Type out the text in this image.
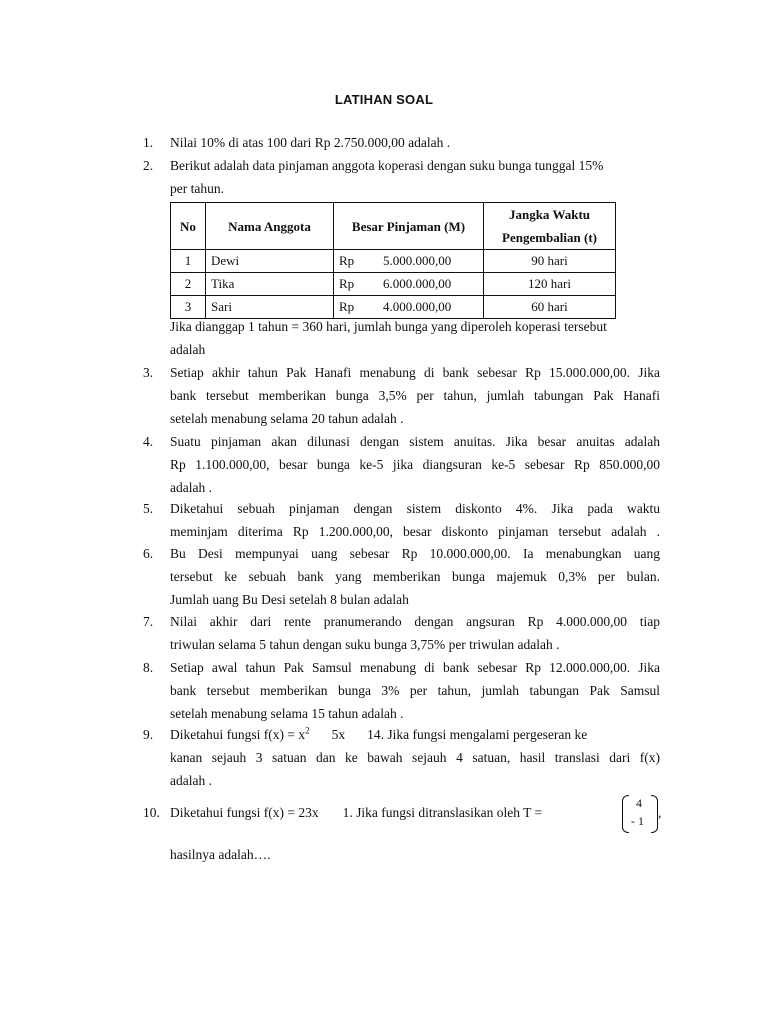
LATIHAN SOAL
1. Nilai 10% di atas 100 dari Rp 2.750.000,00 adalah .
2. Berikut adalah data pinjaman anggota koperasi dengan suku bunga tunggal 15%
per tahun.
No	Nama Anggota	Besar Pinjaman (M)	Jangka Waktu
Pengembalian (t)
1	Dewi	Rp 5.000.000,00	90 hari
2	Tika	Rp 6.000.000,00	120 hari
3	Sari	Rp 4.000.000,00	60 hari
Jika dianggap 1 tahun = 360 hari, jumlah bunga yang diperoleh koperasi tersebut
adalah
3. Setiap akhir tahun Pak Hanafi menabung di bank sebesar Rp 15.000.000,00. Jika
bank tersebut memberikan bunga 3,5% per tahun, jumlah tabungan Pak Hanafi
setelah menabung selama 20 tahun adalah .
4. Suatu pinjaman akan dilunasi dengan sistem anuitas. Jika besar anuitas adalah
Rp 1.100.000,00, besar bunga ke-5 jika diangsuran ke-5 sebesar Rp 850.000,00
adalah .
5. Diketahui sebuah pinjaman dengan sistem diskonto 4%. Jika pada waktu
meminjam diterima Rp 1.200.000,00, besar diskonto pinjaman tersebut adalah .
6. Bu Desi mempunyai uang sebesar Rp 10.000.000,00. Ia menabungkan uang
tersebut ke sebuah bank yang memberikan bunga majemuk 0,3% per bulan.
Jumlah uang Bu Desi setelah 8 bulan adalah
7. Nilai akhir dari rente pranumerando dengan angsuran Rp 4.000.000,00 tiap
triwulan selama 5 tahun dengan suku bunga 3,75% per triwulan adalah .
8. Setiap awal tahun Pak Samsul menabung di bank sebesar Rp 12.000.000,00. Jika
bank tersebut memberikan bunga 3% per tahun, jumlah tabungan Pak Samsul
setelah menabung selama 15 tahun adalah .
9. Diketahui fungsi $f(x) = x^2$ 5x 14. Jika fungsi mengalami pergeseran ke
kanan sejauh 3 satuan dan ke bawah sejauh 4 satuan, hasil translasi dari f(x)
adalah .
10. Diketahui fungsi f(x) = 23x 1. Jika fungsi ditranslasikan oleh T =
4
- 1
,
hasilnya adalah….
